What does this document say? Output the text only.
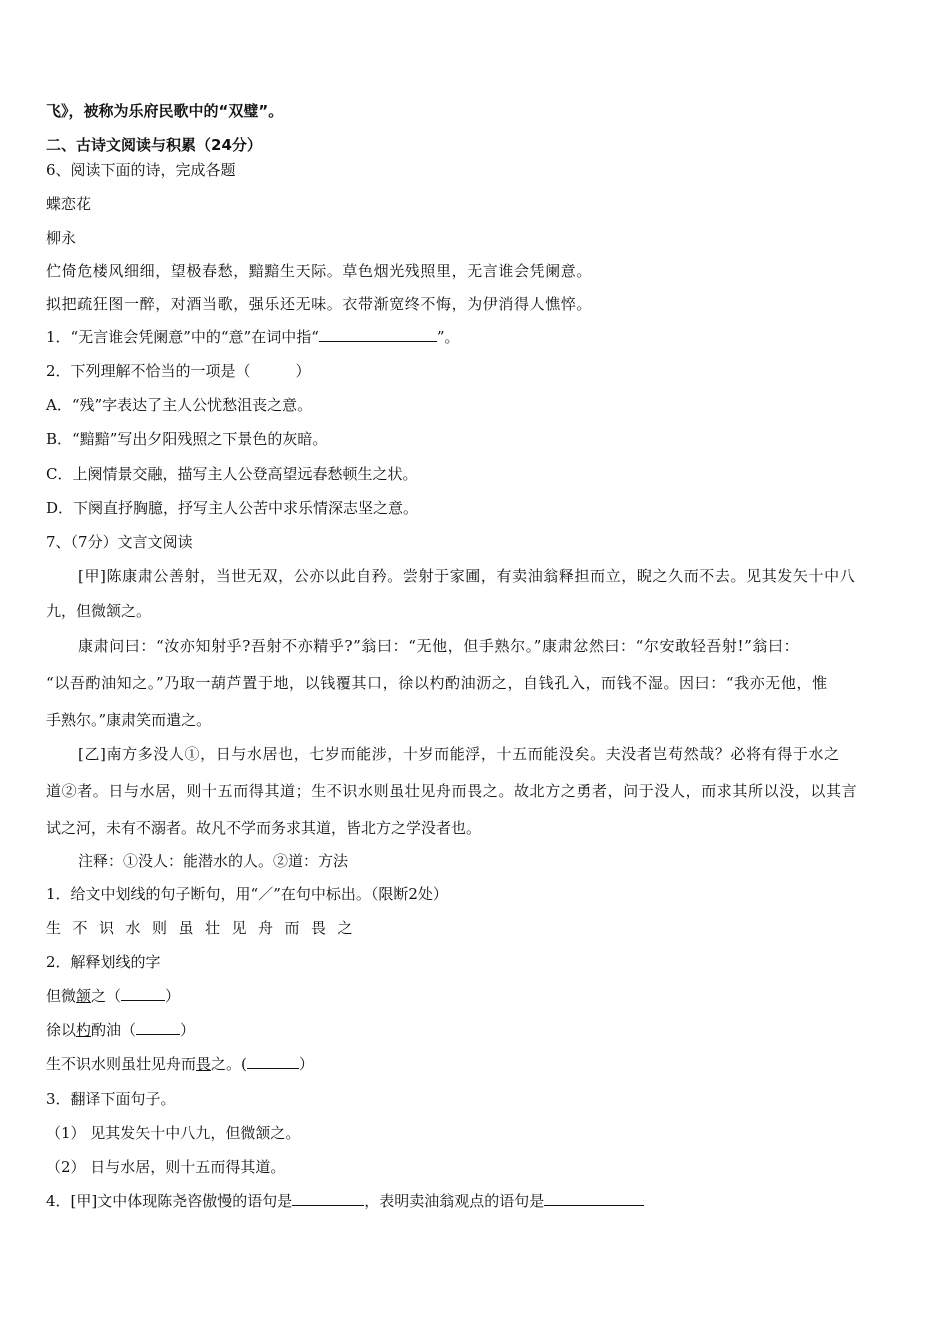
飞》，被称为乐府民歌中的“双璧”。
二、古诗文阅读与积累（24分）
6、阅读下面的诗，完成各题
蝶恋花
柳永
伫倚危楼风细细，望极春愁，黯黯生天际。草色烟光残照里，无言谁会凭阑意。
拟把疏狂图一醉，对酒当歌，强乐还无味。衣带渐宽终不悔，为伊消得人憔悴。
1．“无言谁会凭阑意”中的“意”在词中指“	”。
2．下列理解不恰当的一项是（　　　）
A．“残”字表达了主人公忧愁沮丧之意。
B．“黯黯”写出夕阳残照之下景色的灰暗。
C．上阕情景交融，描写主人公登高望远春愁顿生之状。
D．下阕直抒胸臆，抒写主人公苦中求乐情深志坚之意。
7、（7分）文言文阅读
[甲]陈康肃公善射，当世无双，公亦以此自矜。尝射于家圃，有卖油翁释担而立，睨之久而不去。见其发矢十中八
九，但微颔之。
康肃问曰：“汝亦知射乎?吾射不亦精乎?”翁曰：“无他，但手熟尔。”康肃忿然曰：“尔安敢轻吾射!”翁曰：
“以吾酌油知之。”乃取一葫芦置于地，以钱覆其口，徐以杓酌油沥之，自钱孔入，而钱不湿。因曰：“我亦无他，惟
手熟尔。”康肃笑而遣之。
[乙]南方多没人①，日与水居也，七岁而能涉，十岁而能浮，十五而能没矣。夫没者岂苟然哉？必将有得于水之
道②者。日与水居，则十五而得其道；生不识水则虽壮见舟而畏之。故北方之勇者，问于没人，而求其所以没，以其言
试之河，未有不溺者。故凡不学而务求其道，皆北方之学没者也。
注释：①没人：能潜水的人。②道：方法
1．给文中划线的句子断句，用“／”在句中标出。（限断2处）
生 不 识 水 则 虽 壮 见 舟 而 畏 之
2．解释划线的字
但微颔之（	）
徐以杓酌油（	）
生不识水则虽壮见舟而畏之。(	）
3．翻译下面句子。
（1） 见其发矢十中八九，但微颔之。
（2） 日与水居，则十五而得其道。
4．[甲]文中体现陈尧咨傲慢的语句是	，表明卖油翁观点的语句是
